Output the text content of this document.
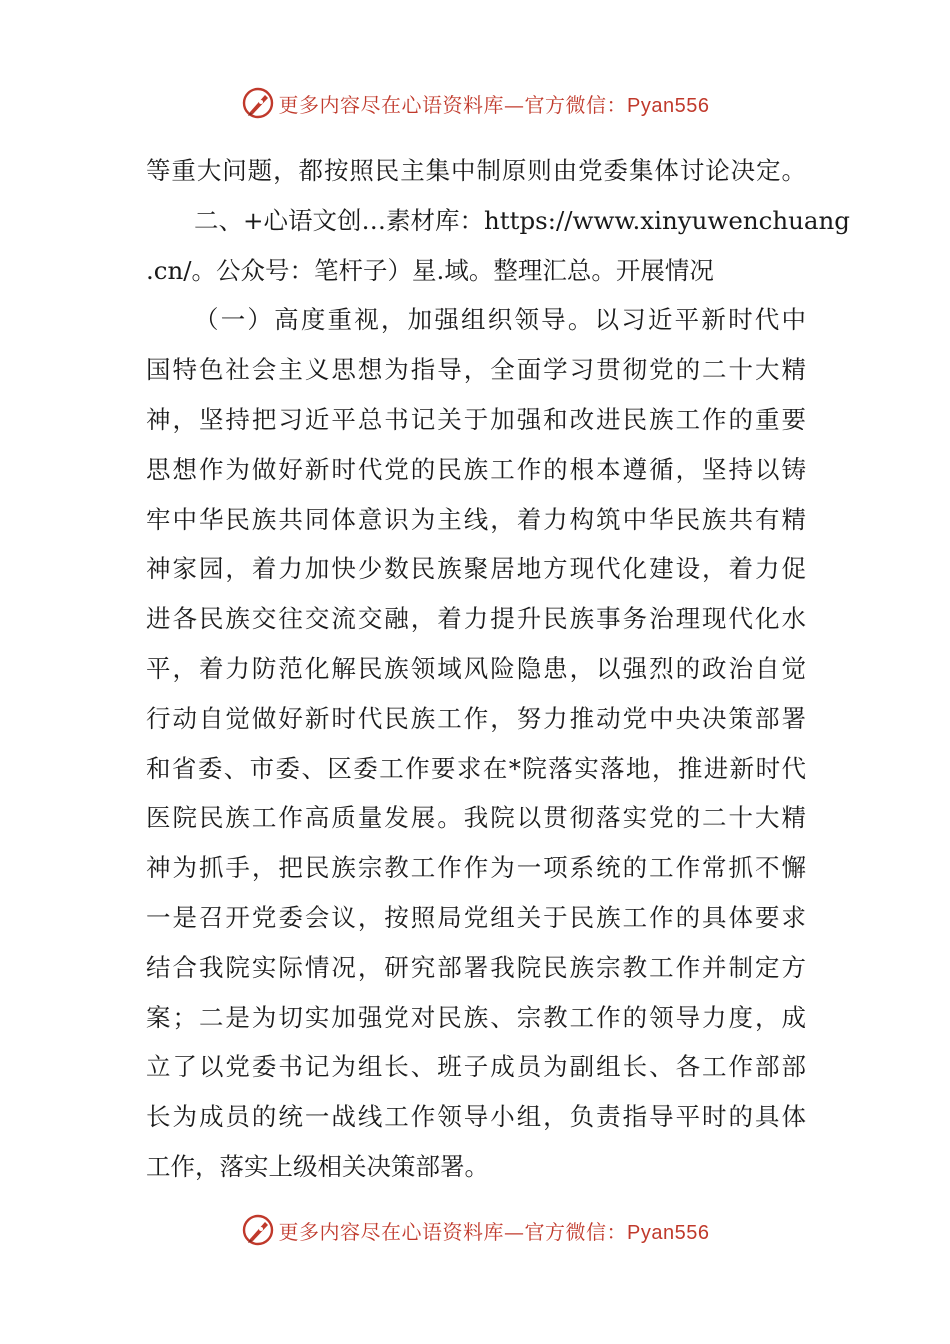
更多内容尽在心语资料库—官方微信：Pyan556
等重大问题，都按照民主集中制原则由党委集体讨论决定。
二、+心语文创…素材库：https://www.xinyuwenchuang
.cn/。公众号：笔杆子）星.域。整理汇总。开展情况
（一）高度重视，加强组织领导。以习近平新时代中
国特色社会主义思想为指导，全面学习贯彻党的二十大精
神，坚持把习近平总书记关于加强和改进民族工作的重要
思想作为做好新时代党的民族工作的根本遵循，坚持以铸
牢中华民族共同体意识为主线，着力构筑中华民族共有精
神家园，着力加快少数民族聚居地方现代化建设，着力促
进各民族交往交流交融，着力提升民族事务治理现代化水
平，着力防范化解民族领域风险隐患，以强烈的政治自觉
行动自觉做好新时代民族工作，努力推动党中央决策部署
和省委、市委、区委工作要求在*院落实落地，推进新时代
医院民族工作高质量发展。我院以贯彻落实党的二十大精
神为抓手，把民族宗教工作作为一项系统的工作常抓不懈
一是召开党委会议，按照局党组关于民族工作的具体要求
结合我院实际情况，研究部署我院民族宗教工作并制定方
案；二是为切实加强党对民族、宗教工作的领导力度，成
立了以党委书记为组长、班子成员为副组长、各工作部部
长为成员的统一战线工作领导小组，负责指导平时的具体
工作，落实上级相关决策部署。
更多内容尽在心语资料库—官方微信：Pyan556
